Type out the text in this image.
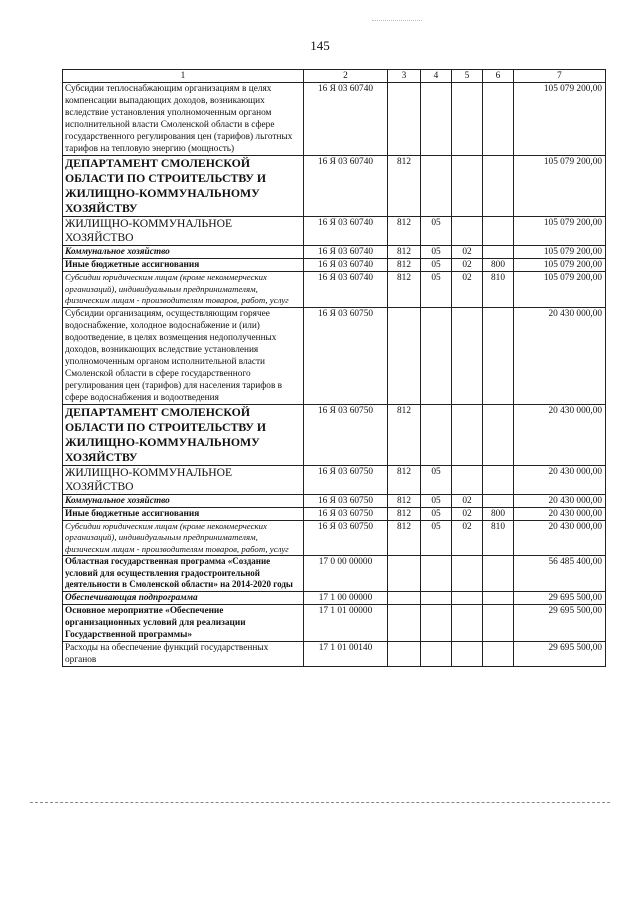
145
1	2	3	4	5	6	7
Субсидии теплоснабжающим организациям в целях компенсации выпадающих доходов, возникающих вследствие установления уполномоченным органом исполнительной власти Смоленской области в сфере государственного регулирования цен (тарифов) льготных тарифов на тепловую энергию (мощность)	16 Я 03 60740					105 079 200,00
ДЕПАРТАМЕНТ СМОЛЕНСКОЙ ОБЛАСТИ ПО СТРОИТЕЛЬСТВУ И ЖИЛИЩНО-КОММУНАЛЬНОМУ ХОЗЯЙСТВУ	16 Я 03 60740	812				105 079 200,00
ЖИЛИЩНО-КОММУНАЛЬНОЕ ХОЗЯЙСТВО	16 Я 03 60740	812	05			105 079 200,00
Коммунальное хозяйство	16 Я 03 60740	812	05	02		105 079 200,00
Иные бюджетные ассигнования	16 Я 03 60740	812	05	02	800	105 079 200,00
Субсидии юридическим лицам (кроме некоммерческих организаций), индивидуальным предпринимателям, физическим лицам - производителям товаров, работ, услуг	16 Я 03 60740	812	05	02	810	105 079 200,00
Субсидии организациям, осуществляющим горячее водоснабжение, холодное водоснабжение и (или) водоотведение, в целях возмещения недополученных доходов, возникающих вследствие установления уполномоченным органом исполнительной власти Смоленской области в сфере государственного регулирования цен (тарифов) для населения тарифов в сфере водоснабжения и водоотведения	16 Я 03 60750					20 430 000,00
ДЕПАРТАМЕНТ СМОЛЕНСКОЙ ОБЛАСТИ ПО СТРОИТЕЛЬСТВУ И ЖИЛИЩНО-КОММУНАЛЬНОМУ ХОЗЯЙСТВУ	16 Я 03 60750	812				20 430 000,00
ЖИЛИЩНО-КОММУНАЛЬНОЕ ХОЗЯЙСТВО	16 Я 03 60750	812	05			20 430 000,00
Коммунальное хозяйство	16 Я 03 60750	812	05	02		20 430 000,00
Иные бюджетные ассигнования	16 Я 03 60750	812	05	02	800	20 430 000,00
Субсидии юридическим лицам (кроме некоммерческих организаций), индивидуальным предпринимателям, физическим лицам - производителям товаров, работ, услуг	16 Я 03 60750	812	05	02	810	20 430 000,00
Областная государственная программа «Создание условий для осуществления градостроительной деятельности в Смоленской области» на 2014-2020 годы	17 0 00 00000					56 485 400,00
Обеспечивающая подпрограмма	17 1 00 00000					29 695 500,00
Основное мероприятие «Обеспечение организационных условий для реализации Государственной программы»	17 1 01 00000					29 695 500,00
Расходы на обеспечение функций государственных органов	17 1 01 00140					29 695 500,00
